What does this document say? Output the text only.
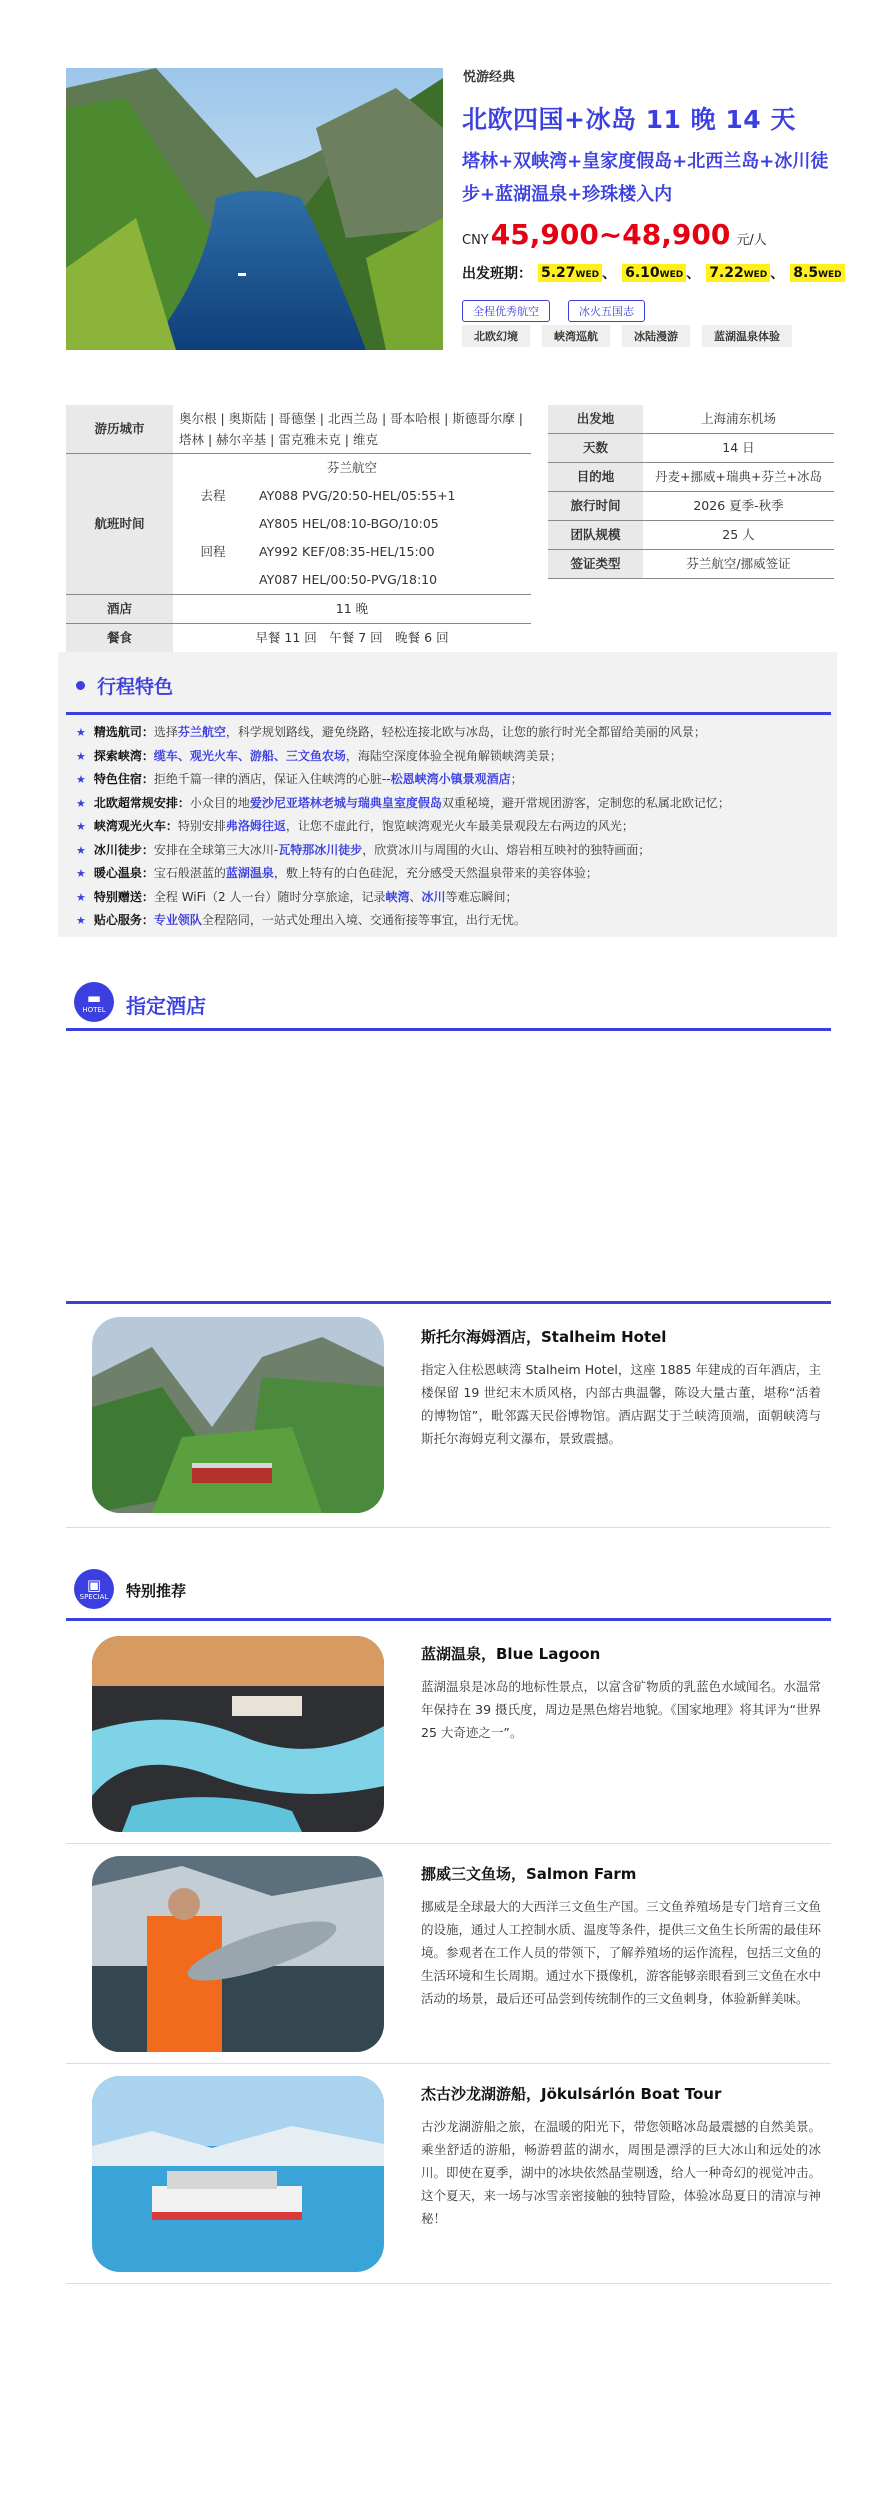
悦游经典
北欧四国+冰岛 11 晚 14 天
塔林+双峡湾+皇家度假岛+北西兰岛+冰川徒步+蓝湖温泉+珍珠楼入内
CNY 45,900~48,900 元/人
出发班期： 5.27WED 、 6.10WED 、 7.22WED 、 8.5WED
全程优秀航空	冰火五国志
北欧幻境	峡湾巡航	冰陆漫游	蓝湖温泉体验
游历城市	奥尔根 | 奥斯陆 | 哥德堡 | 北西兰岛 | 哥本哈根 | 斯德哥尔摩 | 塔林 | 赫尔辛基 | 雷克雅未克 | 维克	
航班时间	芬兰航空	
	去程	AY088 PVG/20:50-HEL/05:55+1
		AY805 HEL/08:10-BGO/10:05
	回程	AY992 KEF/08:35-HEL/15:00
		AY087 HEL/00:50-PVG/18:10
酒店	11 晚	
餐食	早餐 11 回　午餐 7 回　晚餐 6 回	
出发地	上海浦东机场
天数	14 日
目的地	丹麦+挪威+瑞典+芬兰+冰岛
旅行时间	2026 夏季-秋季
团队规模	25 人
签证类型	芬兰航空/挪威签证
行程特色
★ 精选航司： 选择 芬兰航空 ，科学规划路线，避免绕路，轻松连接北欧与冰岛，让您的旅行时光全都留给美丽的风景；
★ 探索峡湾： 缆车、观光火车、游船、三文鱼农场 ，海陆空深度体验全视角解锁峡湾美景；
★ 特色住宿： 拒绝千篇一律的酒店，保证入住峡湾的心脏-- 松恩峡湾小镇景观酒店 ；
★ 北欧超常规安排： 小众目的地 爱沙尼亚塔林老城与瑞典皇室度假岛 双重秘境，避开常规团游客，定制您的私属北欧记忆；
★ 峡湾观光火车： 特别安排 弗洛姆往返 ，让您不虚此行，饱览峡湾观光火车最美景观段左右两边的风光；
★ 冰川徒步： 安排在全球第三大冰川- 瓦特那冰川徒步 ，欣赏冰川与周围的火山、熔岩相互映衬的独特画面；
★ 暖心温泉： 宝石般湛蓝的 蓝湖温泉 ，敷上特有的白色硅泥，充分感受天然温泉带来的美容体验；
★ 特别赠送： 全程 WiFi（2 人一台）随时分享旅途，记录 峡湾 、 冰川 等难忘瞬间；
★ 贴心服务： 专业领队 全程陪同，一站式处理出入境、交通衔接等事宜，出行无忧。
▬
HOTEL 指定酒店
斯托尔海姆酒店，Stalheim Hotel
指定入住松恩峡湾 Stalheim Hotel，这座 1885 年建成的百年酒店，主楼保留 19 世纪末木质风格，内部古典温馨，陈设大量古董，堪称“活着的博物馆”，毗邻露天民俗博物馆。酒店踞艾于兰峡湾顶端，面朝峡湾与斯托尔海姆克利文瀑布，景致震撼。
▣
SPECIAL 特别推荐
蓝湖温泉，Blue Lagoon
蓝湖温泉是冰岛的地标性景点，以富含矿物质的乳蓝色水域闻名。水温常年保持在 39 摄氏度，周边是黑色熔岩地貌。《国家地理》将其评为“世界 25 大奇迹之一”。
挪威三文鱼场，Salmon Farm
挪威是全球最大的大西洋三文鱼生产国。三文鱼养殖场是专门培育三文鱼的设施，通过人工控制水质、温度等条件，提供三文鱼生长所需的最佳环境。参观者在工作人员的带领下，了解养殖场的运作流程，包括三文鱼的生活环境和生长周期。通过水下摄像机，游客能够亲眼看到三文鱼在水中活动的场景，最后还可品尝到传统制作的三文鱼刺身，体验新鲜美味。
杰古沙龙湖游船，Jökulsárlón Boat Tour
古沙龙湖游船之旅，在温暖的阳光下，带您领略冰岛最震撼的自然美景。乘坐舒适的游船，畅游碧蓝的湖水，周围是漂浮的巨大冰山和远处的冰川。即使在夏季，湖中的冰块依然晶莹剔透，给人一种奇幻的视觉冲击。这个夏天，来一场与冰雪亲密接触的独特冒险，体验冰岛夏日的清凉与神秘！
